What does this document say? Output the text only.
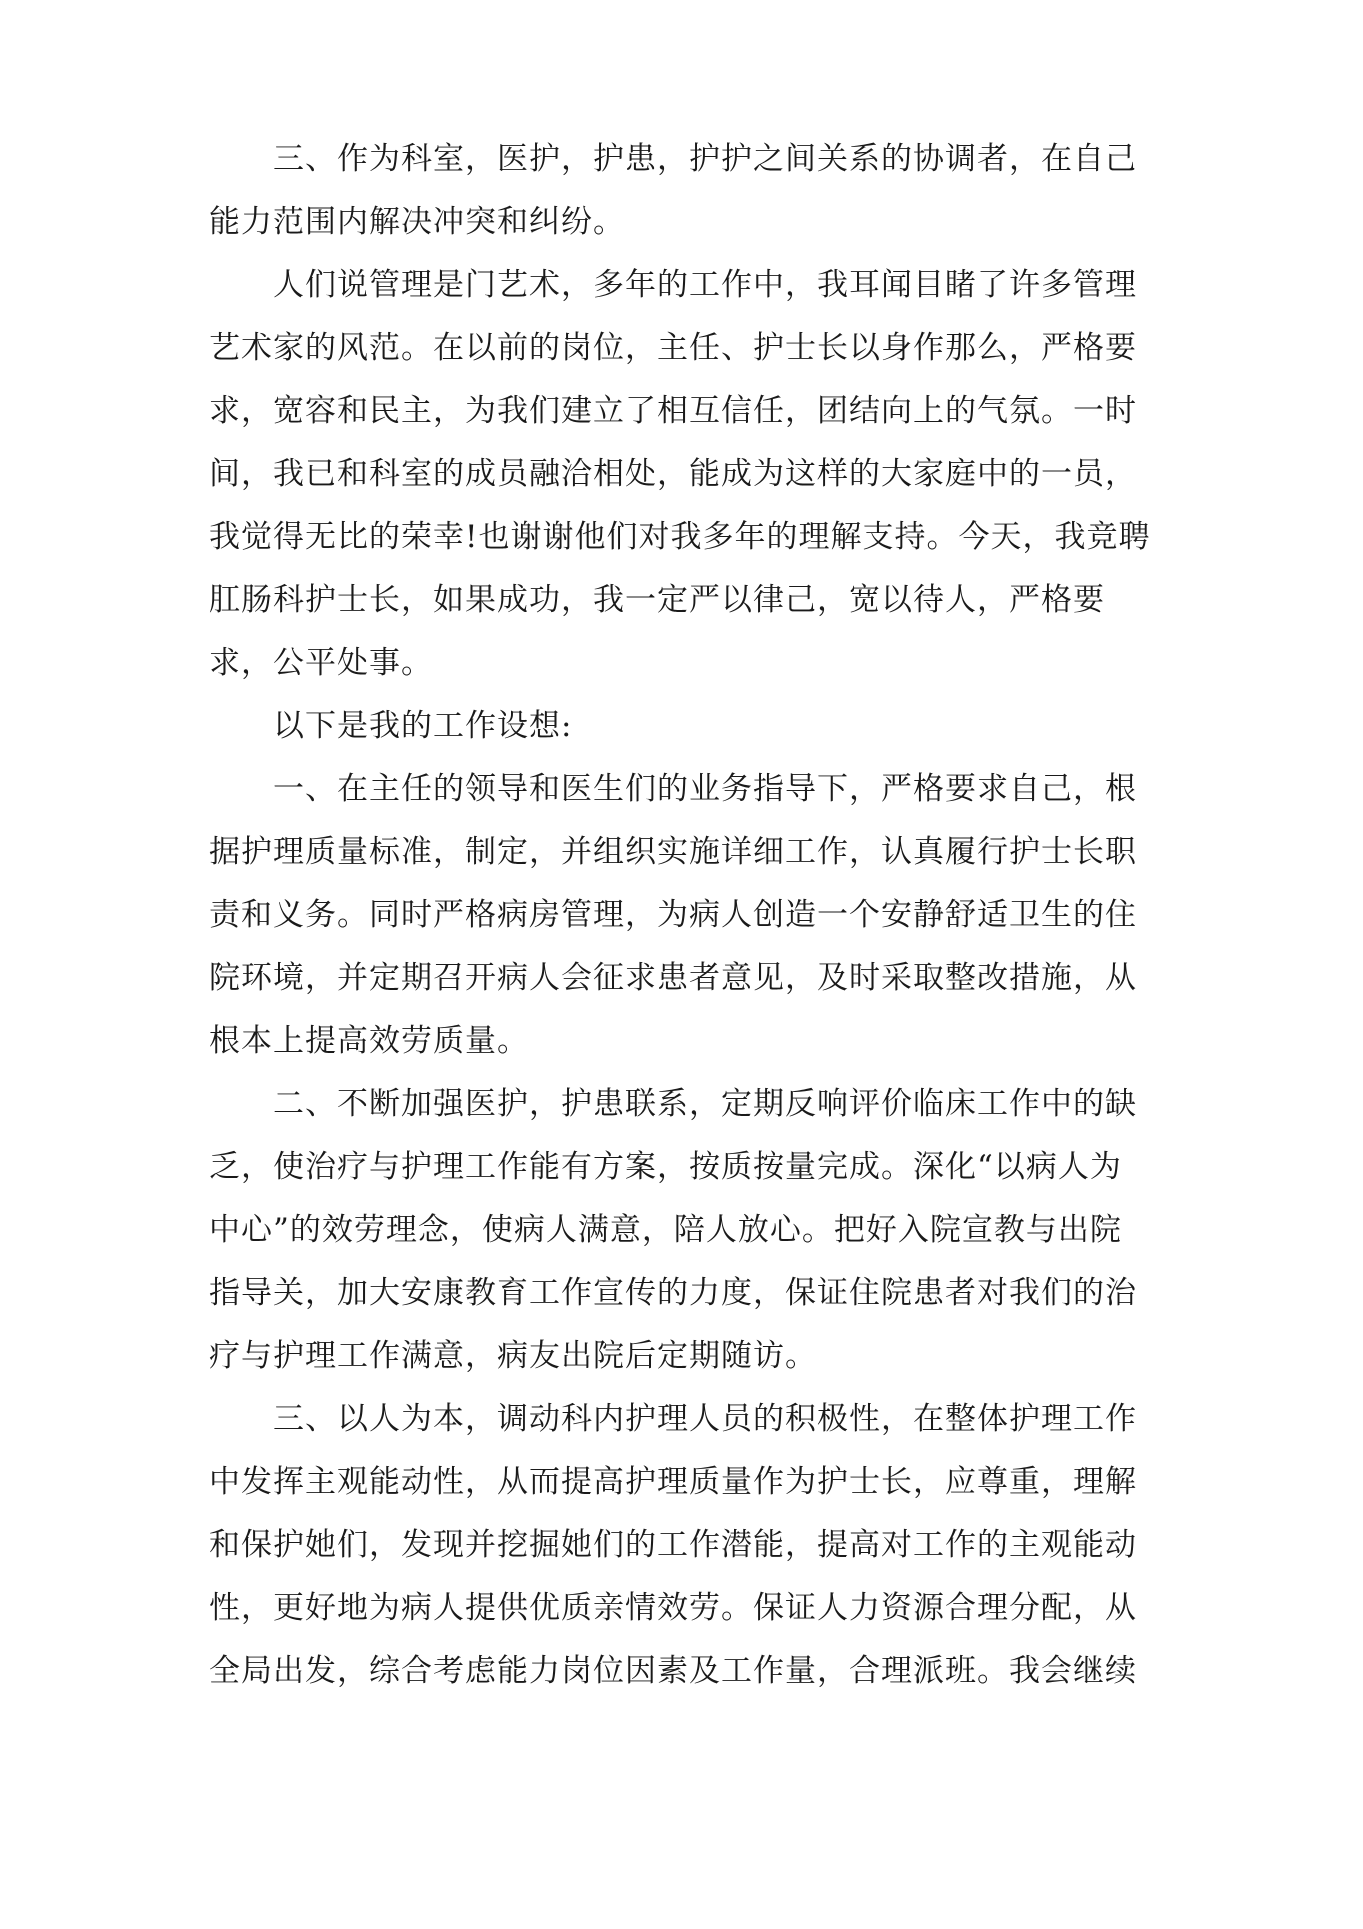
三、作为科室，医护，护患，护护之间关系的协调者，在自己
能力范围内解决冲突和纠纷。
人们说管理是门艺术，多年的工作中，我耳闻目睹了许多管理
艺术家的风范。在以前的岗位，主任、护士长以身作那么，严格要
求，宽容和民主，为我们建立了相互信任，团结向上的气氛。一时
间，我已和科室的成员融洽相处，能成为这样的大家庭中的一员，
我觉得无比的荣幸!也谢谢他们对我多年的理解支持。今天，我竞聘
肛肠科护士长，如果成功，我一定严以律己，宽以待人，严格要
求，公平处事。
以下是我的工作设想:
一、在主任的领导和医生们的业务指导下，严格要求自己，根
据护理质量标准，制定，并组织实施详细工作，认真履行护士长职
责和义务。同时严格病房管理，为病人创造一个安静舒适卫生的住
院环境，并定期召开病人会征求患者意见，及时采取整改措施，从
根本上提高效劳质量。
二、不断加强医护，护患联系，定期反响评价临床工作中的缺
乏，使治疗与护理工作能有方案，按质按量完成。深化“以病人为
中心”的效劳理念，使病人满意，陪人放心。把好入院宣教与出院
指导关，加大安康教育工作宣传的力度，保证住院患者对我们的治
疗与护理工作满意，病友出院后定期随访。
三、以人为本，调动科内护理人员的积极性，在整体护理工作
中发挥主观能动性，从而提高护理质量作为护士长，应尊重，理解
和保护她们，发现并挖掘她们的工作潜能，提高对工作的主观能动
性，更好地为病人提供优质亲情效劳。保证人力资源合理分配，从
全局出发，综合考虑能力岗位因素及工作量，合理派班。我会继续
